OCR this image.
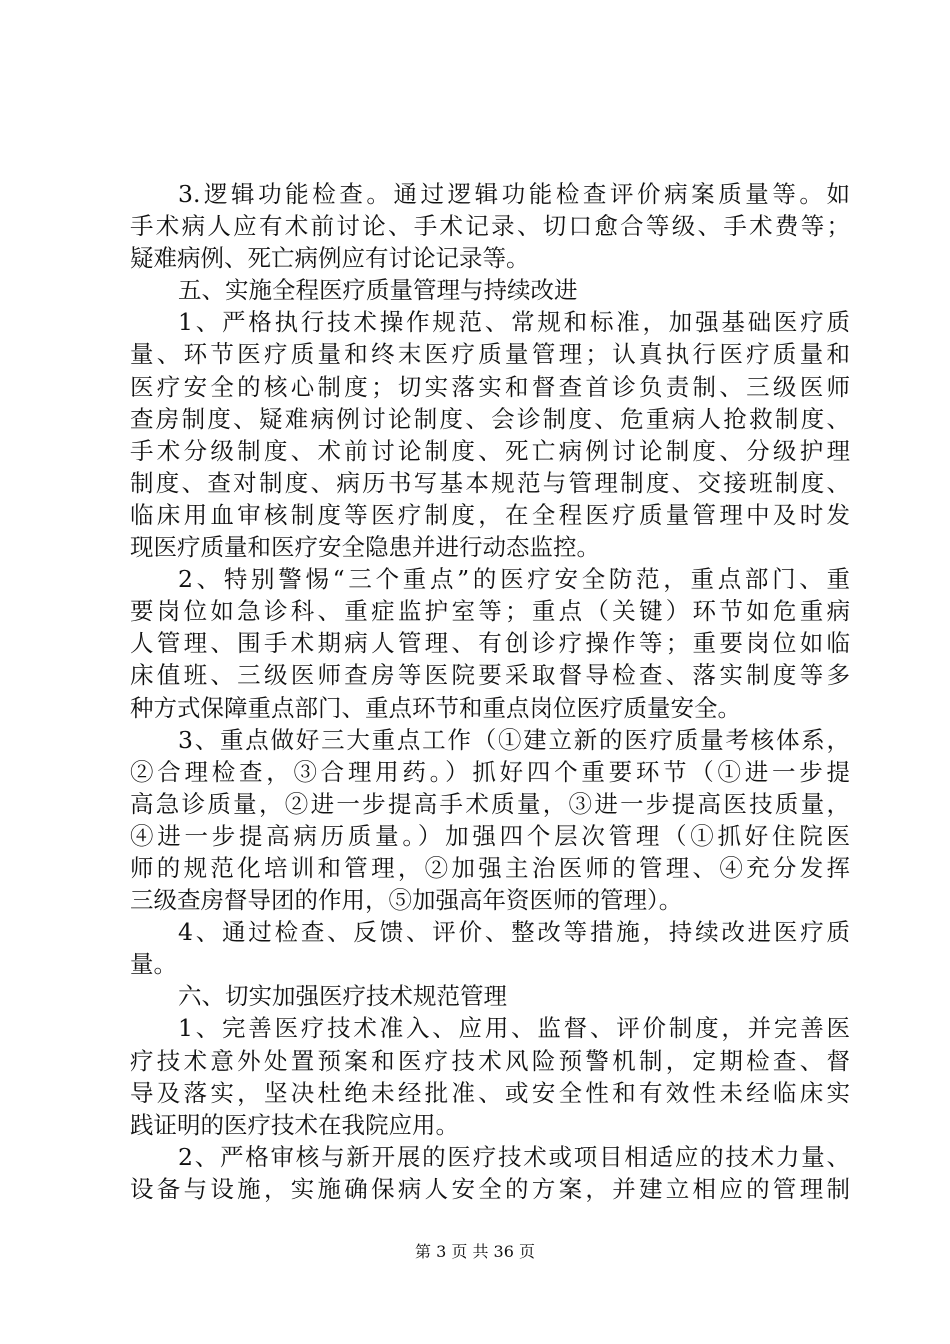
3.逻辑功能检查。通过逻辑功能检查评价病案质量等。如
手术病人应有术前讨论、手术记录、切口愈合等级、手术费等；
疑难病例、死亡病例应有讨论记录等。
五、实施全程医疗质量管理与持续改进
1、严格执行技术操作规范、常规和标准，加强基础医疗质
量、环节医疗质量和终末医疗质量管理；认真执行医疗质量和
医疗安全的核心制度；切实落实和督查首诊负责制、三级医师
查房制度、疑难病例讨论制度、会诊制度、危重病人抢救制度、
手术分级制度、术前讨论制度、死亡病例讨论制度、分级护理
制度、查对制度、病历书写基本规范与管理制度、交接班制度、
临床用血审核制度等医疗制度，在全程医疗质量管理中及时发
现医疗质量和医疗安全隐患并进行动态监控。
2、特别警惕“三个重点”的医疗安全防范，重点部门、重
要岗位如急诊科、重症监护室等；重点（关键）环节如危重病
人管理、围手术期病人管理、有创诊疗操作等；重要岗位如临
床值班、三级医师查房等医院要采取督导检查、落实制度等多
种方式保障重点部门、重点环节和重点岗位医疗质量安全。
3、重点做好三大重点工作（①建立新的医疗质量考核体系，
②合理检查，③合理用药。）抓好四个重要环节（①进一步提
高急诊质量，②进一步提高手术质量，③进一步提高医技质量，
④进一步提高病历质量。）加强四个层次管理（①抓好住院医
师的规范化培训和管理，②加强主治医师的管理、④充分发挥
三级查房督导团的作用，⑤加强高年资医师的管理）。
4、通过检查、反馈、评价、整改等措施，持续改进医疗质
量。
六、切实加强医疗技术规范管理
1、完善医疗技术准入、应用、监督、评价制度，并完善医
疗技术意外处置预案和医疗技术风险预警机制，定期检查、督
导及落实，坚决杜绝未经批准、或安全性和有效性未经临床实
践证明的医疗技术在我院应用。
2、严格审核与新开展的医疗技术或项目相适应的技术力量、
设备与设施，实施确保病人安全的方案，并建立相应的管理制
第 3 页 共 36 页
